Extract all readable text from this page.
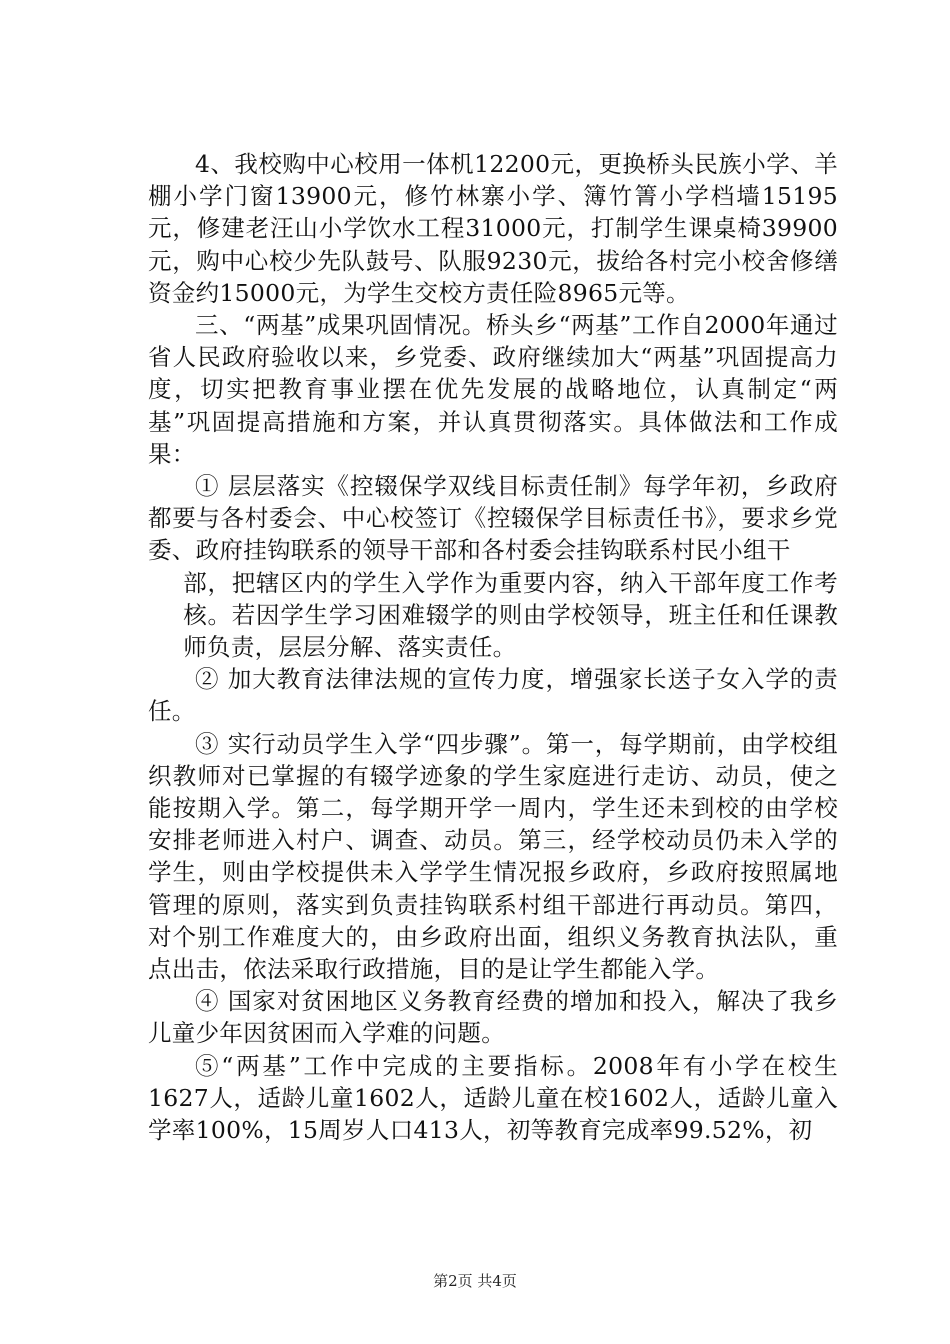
4、我校购中心校用一体机12200元，更换桥头民族小学、羊棚小学门窗13900元，修竹林寨小学、簿竹箐小学档墙15195元，修建老汪山小学饮水工程31000元，打制学生课桌椅39900元，购中心校少先队鼓号、队服9230元，拔给各村完小校舍修缮资金约15000元，为学生交校方责任险8965元等。

三、“两基”成果巩固情况。桥头乡“两基”工作自2000年通过省人民政府验收以来，乡党委、政府继续加大“两基”巩固提高力度，切实把教育事业摆在优先发展的战略地位，认真制定“两基”巩固提高措施和方案，并认真贯彻落实。具体做法和工作成果：

① 层层落实《控辍保学双线目标责任制》每学年初，乡政府都要与各村委会、中心校签订《控辍保学目标责任书》，要求乡党委、政府挂钩联系的领导干部和各村委会挂钩联系村民小组干

部，把辖区内的学生入学作为重要内容，纳入干部年度工作考核。若因学生学习困难辍学的则由学校领导，班主任和任课教师负责，层层分解、落实责任。

② 加大教育法律法规的宣传力度，增强家长送子女入学的责任。

③ 实行动员学生入学“四步骤”。第一，每学期前，由学校组织教师对已掌握的有辍学迹象的学生家庭进行走访、动员，使之能按期入学。第二，每学期开学一周内，学生还未到校的由学校安排老师进入村户、调查、动员。第三，经学校动员仍未入学的学生，则由学校提供未入学学生情况报乡政府，乡政府按照属地管理的原则，落实到负责挂钩联系村组干部进行再动员。第四，对个别工作难度大的，由乡政府出面，组织义务教育执法队，重点出击，依法采取行政措施，目的是让学生都能入学。

④ 国家对贫困地区义务教育经费的增加和投入，解决了我乡儿童少年因贫困而入学难的问题。

⑤“两基”工作中完成的主要指标。2008年有小学在校生1627人，适龄儿童1602人，适龄儿童在校1602人，适龄儿童入学率100%，15周岁人口413人，初等教育完成率99.52%，初

第2页 共4页
